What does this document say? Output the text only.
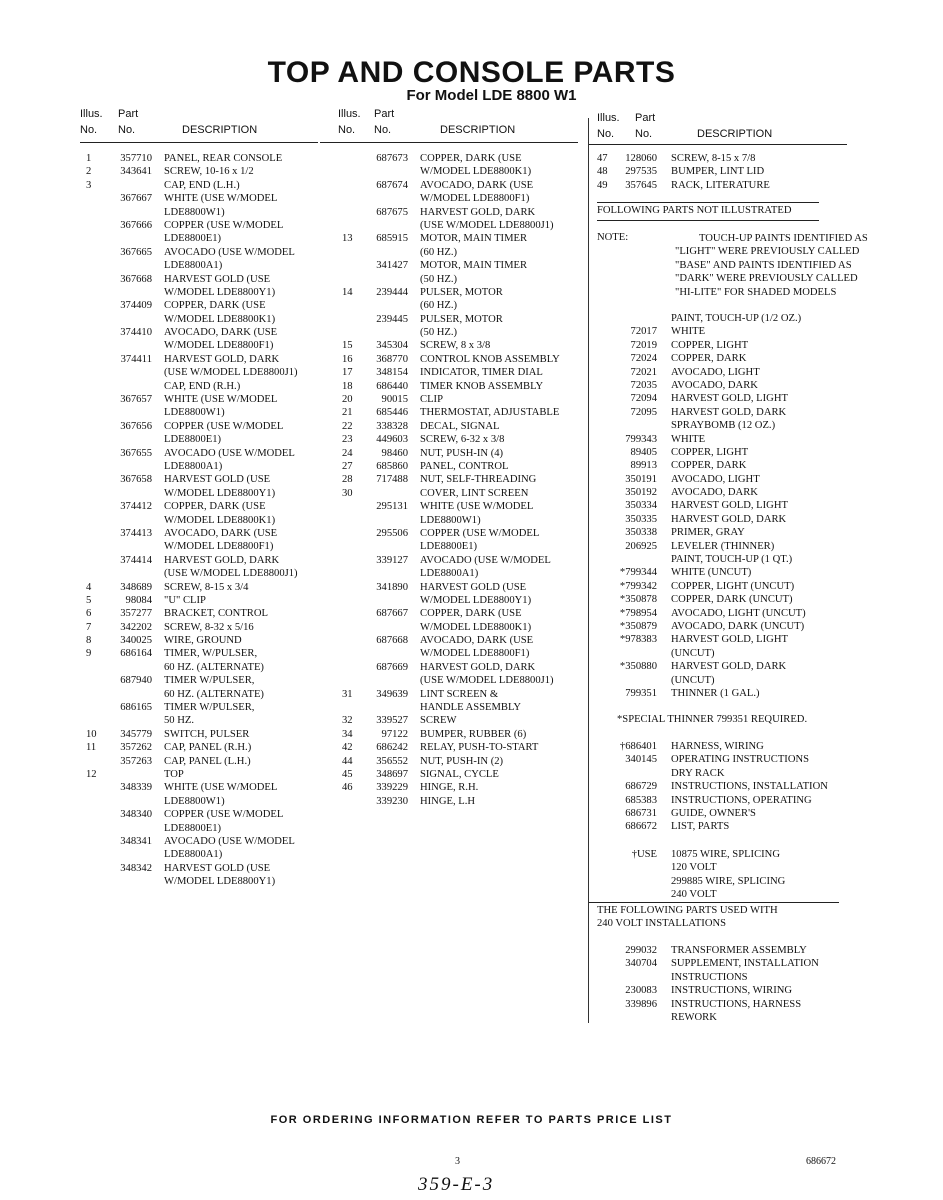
TOP AND CONSOLE PARTS
For Model LDE 8800 W1
Illus. Part
No. No.	DESCRIPTION
1	357710 PANEL, REAR CONSOLE
2	343641 SCREW, 10-16 x 1/2
3	CAP, END (L.H.)
367667 WHITE (USE W/MODEL
LDE8800W1)
367666 COPPER (USE W/MODEL
LDE8800E1)
367665 AVOCADO (USE W/MODEL
LDE8800A1)
367668 HARVEST GOLD (USE
W/MODEL LDE8800Y1)
374409 COPPER, DARK (USE
W/MODEL LDE8800K1)
374410 AVOCADO, DARK (USE
W/MODEL LDE8800F1)
374411 HARVEST GOLD, DARK
(USE W/MODEL LDE8800J1)
CAP, END (R.H.)
367657 WHITE (USE W/MODEL
LDE8800W1)
367656 COPPER (USE W/MODEL
LDE8800E1)
367655 AVOCADO (USE W/MODEL
LDE8800A1)
367658 HARVEST GOLD (USE
W/MODEL LDE8800Y1)
374412 COPPER, DARK (USE
W/MODEL LDE8800K1)
374413 AVOCADO, DARK (USE
W/MODEL LDE8800F1)
374414 HARVEST GOLD, DARK
(USE W/MODEL LDE8800J1)
4	348689 SCREW, 8-15 x 3/4
5	98084 "U" CLIP
6	357277 BRACKET, CONTROL
7	342202 SCREW, 8-32 x 5/16
8	340025 WIRE, GROUND
9	686164 TIMER, W/PULSER,
60 HZ. (ALTERNATE)
687940 TIMER W/PULSER,
60 HZ. (ALTERNATE)
686165 TIMER W/PULSER,
50 HZ.
10	345779 SWITCH, PULSER
11	357262 CAP, PANEL (R.H.)
357263 CAP, PANEL (L.H.)
12	TOP
348339 WHITE (USE W/MODEL
LDE8800W1)
348340 COPPER (USE W/MODEL
LDE8800E1)
348341 AVOCADO (USE W/MODEL
LDE8800A1)
348342 HARVEST GOLD (USE
W/MODEL LDE8800Y1)
Illus. Part
No. No.	DESCRIPTION
687673 COPPER, DARK (USE
W/MODEL LDE8800K1)
687674 AVOCADO, DARK (USE
W/MODEL LDE8800F1)
687675 HARVEST GOLD, DARK
(USE W/MODEL LDE8800J1)
13	685915 MOTOR, MAIN TIMER
(60 HZ.)
341427 MOTOR, MAIN TIMER
(50 HZ.)
14	239444 PULSER, MOTOR
(60 HZ.)
239445 PULSER, MOTOR
(50 HZ.)
15	345304 SCREW, 8 x 3/8
16	368770 CONTROL KNOB ASSEMBLY
17	348154 INDICATOR, TIMER DIAL
18	686440 TIMER KNOB ASSEMBLY
20	90015 CLIP
21	685446 THERMOSTAT, ADJUSTABLE
22	338328 DECAL, SIGNAL
23	449603 SCREW, 6-32 x 3/8
24	98460 NUT, PUSH-IN (4)
27	685860 PANEL, CONTROL
28	717488 NUT, SELF-THREADING
30	COVER, LINT SCREEN
295131 WHITE (USE W/MODEL
LDE8800W1)
295506 COPPER (USE W/MODEL
LDE8800E1)
339127 AVOCADO (USE W/MODEL
LDE8800A1)
341890 HARVEST GOLD (USE
W/MODEL LDE8800Y1)
687667 COPPER, DARK (USE
W/MODEL LDE8800K1)
687668 AVOCADO, DARK (USE
W/MODEL LDE8800F1)
687669 HARVEST GOLD, DARK
(USE W/MODEL LDE8800J1)
31	349639 LINT SCREEN &
HANDLE ASSEMBLY
32	339527 SCREW
34	97122 BUMPER, RUBBER (6)
42	686242 RELAY, PUSH-TO-START
44	356552 NUT, PUSH-IN (2)
45	348697 SIGNAL, CYCLE
46	339229 HINGE, R.H.
339230 HINGE, L.H
Illus. Part
No. No.	DESCRIPTION
47	128060 SCREW, 8-15 x 7/8
48	297535 BUMPER, LINT LID
49	357645 RACK, LITERATURE
FOLLOWING PARTS NOT ILLUSTRATED
NOTE:	TOUCH-UP PAINTS IDENTIFIED AS
"LIGHT" WERE PREVIOUSLY CALLED
"BASE" AND PAINTS IDENTIFIED AS
"DARK" WERE PREVIOUSLY CALLED
"HI-LITE" FOR SHADED MODELS
PAINT, TOUCH-UP (1/2 OZ.)
72017 WHITE
72019 COPPER, LIGHT
72024 COPPER, DARK
72021 AVOCADO, LIGHT
72035 AVOCADO, DARK
72094 HARVEST GOLD, LIGHT
72095 HARVEST GOLD, DARK
SPRAYBOMB (12 OZ.)
799343 WHITE
89405 COPPER, LIGHT
89913 COPPER, DARK
350191 AVOCADO, LIGHT
350192 AVOCADO, DARK
350334 HARVEST GOLD, LIGHT
350335 HARVEST GOLD, DARK
350338 PRIMER, GRAY
206925 LEVELER (THINNER)
PAINT, TOUCH-UP (1 QT.)
*799344 WHITE (UNCUT)
*799342 COPPER, LIGHT (UNCUT)
*350878 COPPER, DARK (UNCUT)
*798954 AVOCADO, LIGHT (UNCUT)
*350879 AVOCADO, DARK (UNCUT)
*978383 HARVEST GOLD, LIGHT
(UNCUT)
*350880 HARVEST GOLD, DARK
(UNCUT)
799351 THINNER (1 GAL.)
*SPECIAL THINNER 799351 REQUIRED.
†686401 HARNESS, WIRING
340145 OPERATING INSTRUCTIONS
DRY RACK
686729 INSTRUCTIONS, INSTALLATION
685383 INSTRUCTIONS, OPERATING
686731 GUIDE, OWNER'S
686672 LIST, PARTS
†USE 10875 WIRE, SPLICING
120 VOLT
299885 WIRE, SPLICING
240 VOLT
THE FOLLOWING PARTS USED WITH
240 VOLT INSTALLATIONS
299032 TRANSFORMER ASSEMBLY
340704 SUPPLEMENT, INSTALLATION
INSTRUCTIONS
230083 INSTRUCTIONS, WIRING
339896 INSTRUCTIONS, HARNESS
REWORK
FOR ORDERING INFORMATION REFER TO PARTS PRICE LIST
3	686672
359-E-3
